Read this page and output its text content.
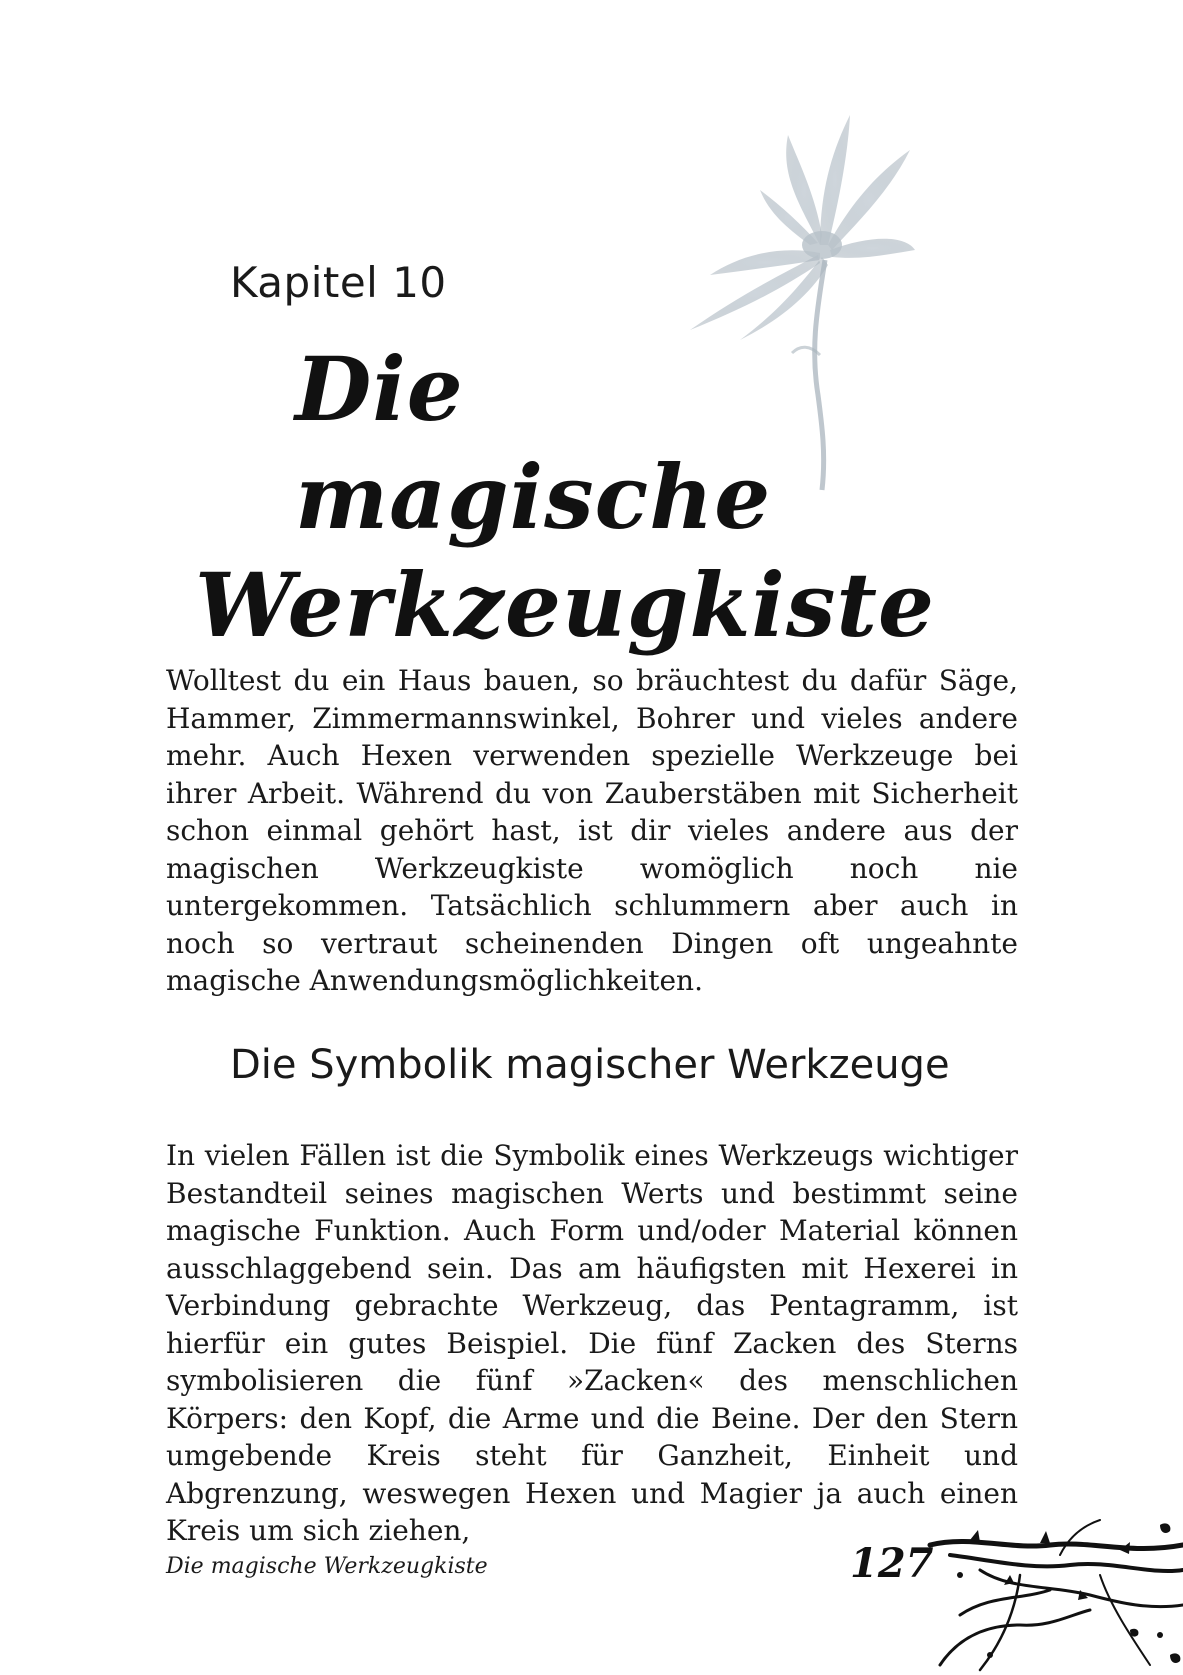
Kapitel 10
Die magische
Werkzeugkiste

Wolltest du ein Haus bauen, so bräuchtest du dafür Säge, Hammer, Zimmermannswinkel, Bohrer und vieles andere mehr. Auch Hexen verwenden spezielle Werkzeuge bei ihrer Arbeit. Während du von Zauberstäben mit Sicherheit schon einmal gehört hast, ist dir vieles andere aus der magischen Werkzeugkiste womöglich noch nie untergekommen. Tatsächlich schlummern aber auch in noch so vertraut scheinenden Dingen oft ungeahnte magische Anwendungsmöglichkeiten.

Die Symbolik magischer Werkzeuge

In vielen Fällen ist die Symbolik eines Werkzeugs wichtiger Bestandteil seines magischen Werts und bestimmt seine magische Funktion. Auch Form und/oder Material können ausschlaggebend sein. Das am häufigsten mit Hexerei in Verbindung gebrachte Werkzeug, das Pentagramm, ist hierfür ein gutes Beispiel. Die fünf Zacken des Sterns symbolisieren die fünf »Zacken« des menschlichen Körpers: den Kopf, die Arme und die Beine. Der den Stern umgebende Kreis steht für Ganzheit, Einheit und Abgrenzung, weswegen Hexen und Magier ja auch einen Kreis um sich ziehen,

Die magische Werkzeugkiste	127
